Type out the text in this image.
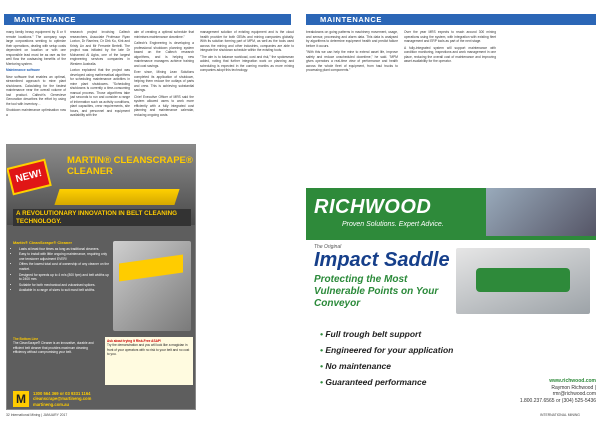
MAINTENANCE	MAINTENANCE

many family heavy equipment by 8 or 9 remote locations." The company says large corporations seeking to optimize their operations, dealing with setup costs dependent on location or with one responsible lead must be as rare as the well flow the costsaving benefits of the Mentoring system.

Maintenance software

New software that enables an optimal, streamlined approach to mine plant shutdowns. Calculating for the fastest maintenance near the overall volume of lost product. Caltech's Genevieve Genoration describes the effort by using the tool with inventory…

Shutdown maintenance optimisation now a

research project involving Caltech researchers, Associate Professor Ryan Loxton, Dr Ramirez, Dr Dirk Ku, Kirk and Kristy Lin and Mr Ferrante Bertelli. The project was initiated by the late Dr Mohamed Al Agha, one of the largest engineering services companies in Western Australia.

Loxton explained that the project was developed using mathematical algorithms for scheduling maintenance activities in mine plant shutdowns. "Scheduling shutdowns is currently a time-consuming manual process. Those algorithms take just seconds to run and consider a range of information such as activity conditions, plant capacities, crew requirements, site hours, and personnel and equipment availability with the

aim of creating a optimal schedule that minimises maintenance downtime."

Caltech's Engineering is developing a professional shutdown planning system based on the Caltech research algorithms, and is helping new maintenance managers achieve training and cost savings.

Ever since, Mining Lean Solutions completed its application of shutdown, helping them reduce the outlays of parts and crew. This is achieving substantial savings.

Chief Executive Officer of MRS said the system allowed users to work more efficiently with a fully integrated cost planning and maintenance calendar, reducing ongoing costs.

management solution of existing equipment and is the cloud health provider for both OEMs and mining companies globally. With its solution forming part of MPM, as well as the tools used across the mining and other industries, companies are able to integrate the shutdown schedule within the existing tools.

"The aim is to balance workload, cost and risk," the spokesman added, noting that further integration work on planning and scheduling is expected in the coming months as more mining companies adopt this technology.

breakdowns on going patterns in machinery movement, usage, and sensor, processing and alarm data. This data is analysed by algorithms to determine equipment health and predict failure before it occurs.

"With this we can help the mine to extend asset life, improve safety and reduce unscheduled downtime," he said. "MPM gives operators a real-time view of performance and health across the whole fleet of equipment, from haul trucks to processing plant components."

Over the year MRS expects to reach around 300 mining operations using the system, with integration with existing fleet management and ERP tools as part of the next stage.

A fully-integrated system will support maintenance with condition monitoring, inspections and work management in one place, reducing the overall cost of maintenance and improving asset availability for the operator.

NEW!
MARTIN® CLEANSCRAPE® CLEANER
A REVOLUTIONARY INNOVATION IN BELT CLEANING TECHNOLOGY.
Martin® CleanScrape® Cleaner
• Lasts at least four times as long as traditional cleaners.
• Easy to install with little ongoing maintenance, requiring only one tensioner adjustment EVER!
• Offers the lowest total cost of ownership of any cleaner on the market.
• Designed for speeds up to 4 m/s (800 fpm) and belt widths up to 2400 mm.
• Suitable for both mechanical and vulcanised splices.
• Available in a range of sizes to suit most belt widths.
The Bottom Line
The CleanScrape® Cleaner is an innovative, durable and efficient belt cleaner that provides maximum cleaning efficiency without compromising your belt.
Ask about trying it Risk-Free ASAP!
Try the demonstration and you will look like a magician in front of your operators with no risk to your belt and no cost to you.
M	1300 564 369 or 03 9331 1164
cleanscrape@martineng.com
martineng.com.au
RICHWOOD
Proven Solutions. Expert Advice.
The Original
Impact Saddle
Protecting the Most Vulnerable Points on Your Conveyor
• Full trough belt support
• Engineered for your application
• No maintenance
• Guaranteed performance	www.richwood.com
Raymon Richwood | rmr@richwood.com
1.800.237.6565 or (304) 525-5436
32 International Mining | JANUARY 2017	INTERNATIONAL MINING
